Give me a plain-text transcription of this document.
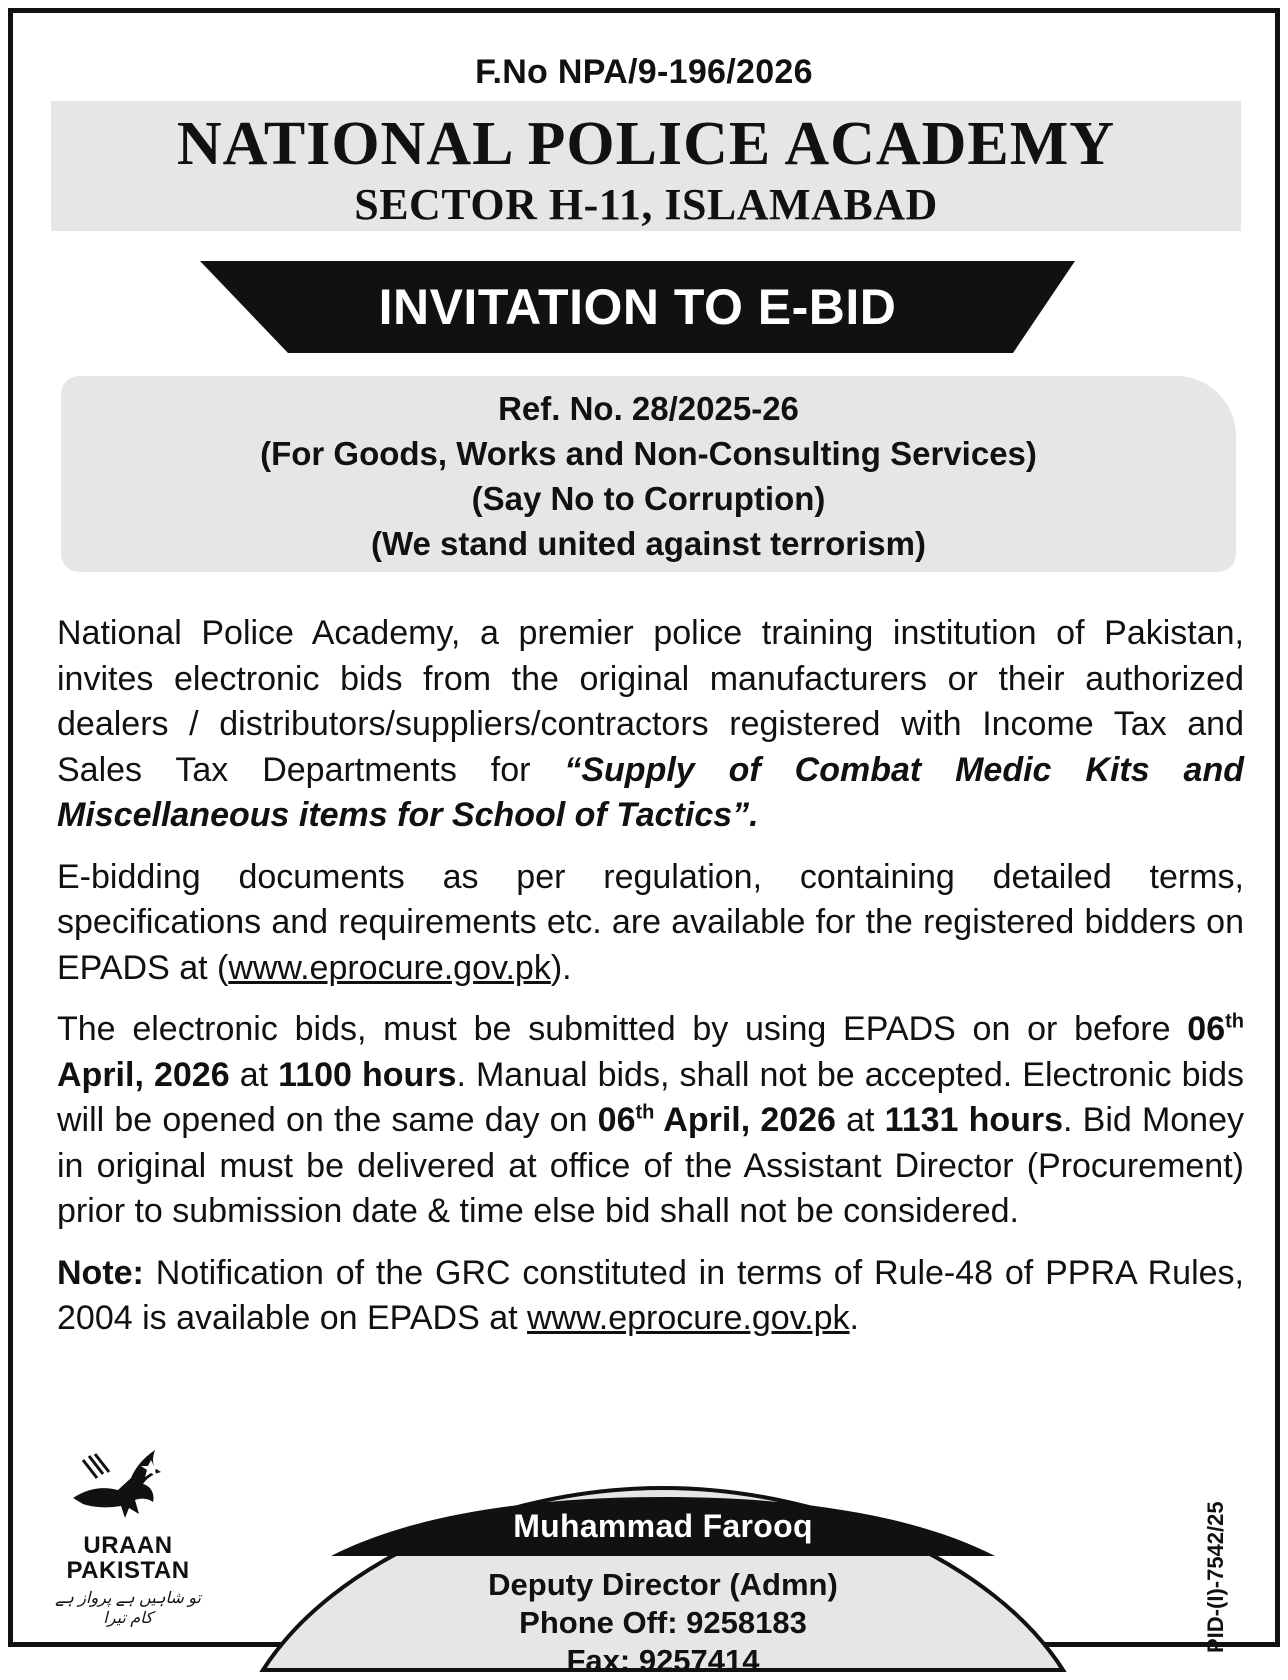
F.No NPA/9-196/2026
NATIONAL POLICE ACADEMY
SECTOR H-11, ISLAMABAD
INVITATION TO E-BID
Ref. No. 28/2025-26
(For Goods, Works and Non-Consulting Services)
(Say No to Corruption)
(We stand united against terrorism)

National Police Academy, a premier police training institution of Pakistan, invites electronic bids from the original manufacturers or their authorized dealers / distributors/suppliers/contractors registered with Income Tax and Sales Tax Departments for “Supply of Combat Medic Kits and Miscellaneous items for School of Tactics”.

E-bidding documents as per regulation, containing detailed terms, specifications and requirements etc. are available for the registered bidders on EPADS at (www.eprocure.gov.pk).

The electronic bids, must be submitted by using EPADS on or before 06th April, 2026 at 1100 hours. Manual bids, shall not be accepted. Electronic bids will be opened on the same day on 06th April, 2026 at 1131 hours. Bid Money in original must be delivered at office of the Assistant Director (Procurement) prior to submission date & time else bid shall not be considered.

Note: Notification of the GRC constituted in terms of Rule-48 of PPRA Rules, 2004 is available on EPADS at www.eprocure.gov.pk.

URAAN
PAKISTAN
تو شاہیں ہے پرواز ہے کام تیرا
Muhammad Farooq
Deputy Director (Admn)
Phone Off: 9258183
Fax: 9257414
PID-(I)-7542/25
